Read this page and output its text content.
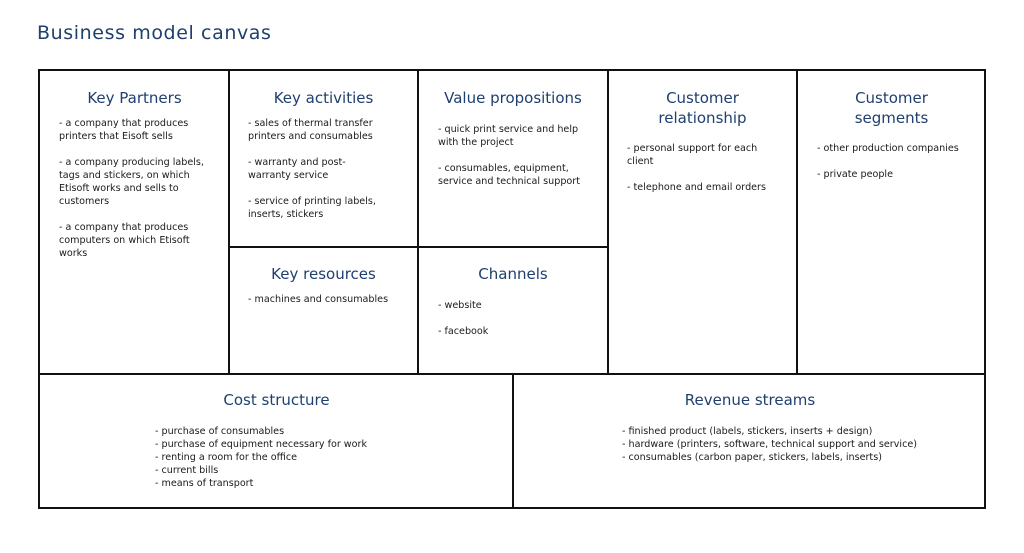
Business model canvas
Key Partners
- a company that produces printers that Eisoft sells
- a company producing labels, tags and stickers, on which Etisoft works and sells to customers
- a company that produces computers on which Etisoft works
Key activities
- sales of thermal transfer printers and consumables
- warranty and post-warranty service
- service of printing labels, inserts, stickers
Key resources
- machines and consumables
Value propositions
- quick print service and help with the project
- consumables, equipment, service and technical support
Channels
- website
- facebook
Customer relationship
- personal support for each client
- telephone and email orders
Customer segments
- other production companies
- private people
Cost structure
- purchase of consumables
- purchase of equipment necessary for work
- renting a room for the office
- current bills
- means of transport
Revenue streams
- finished product (labels, stickers, inserts + design)
- hardware (printers, software, technical support and service)
- consumables (carbon paper, stickers, labels, inserts)
